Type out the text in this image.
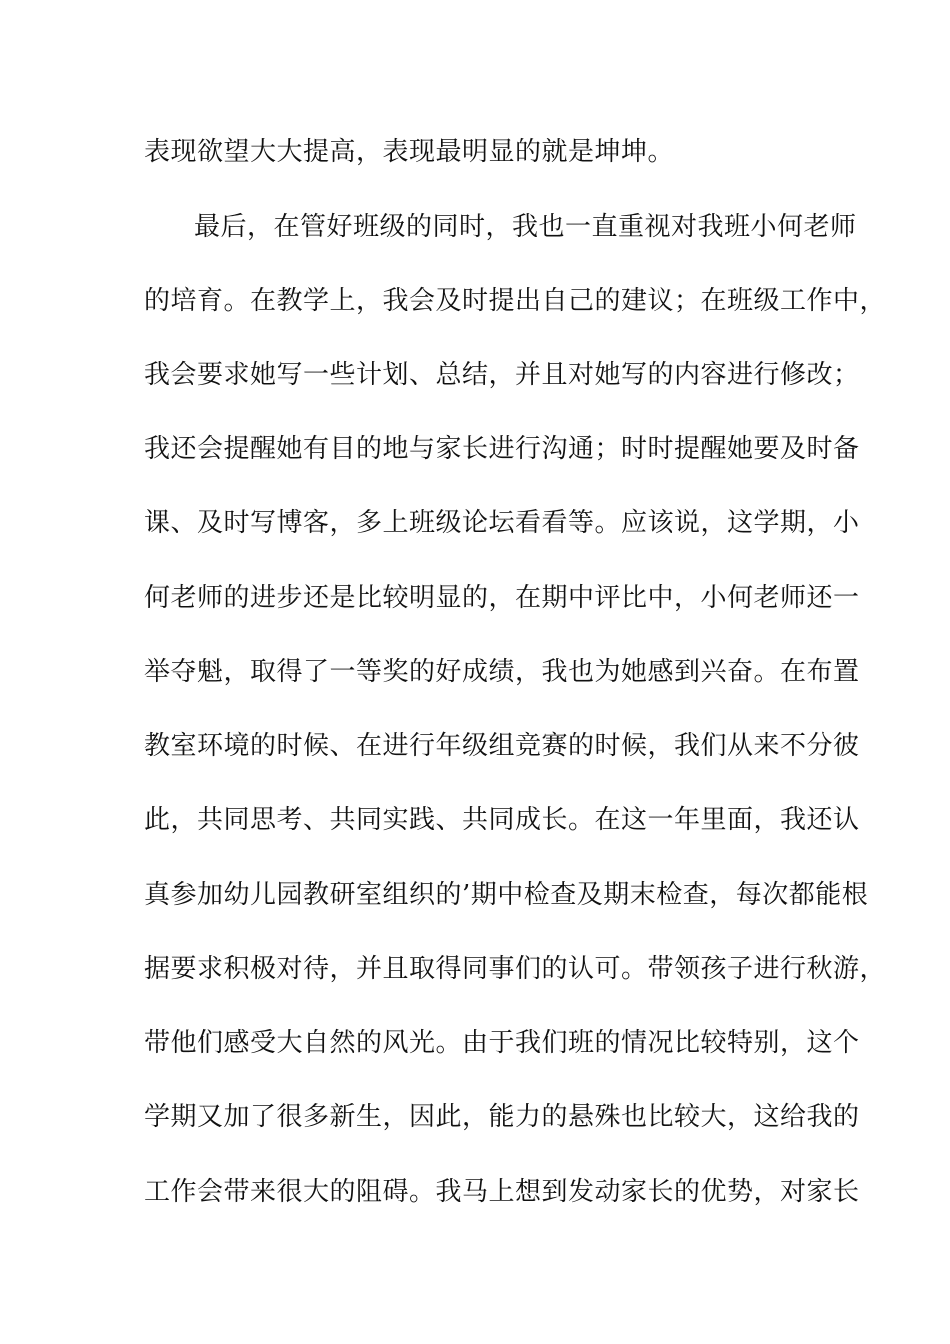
表现欲望大大提高，表现最明显的就是坤坤。
最后，在管好班级的同时，我也一直重视对我班小何老师
的培育。在教学上，我会及时提出自己的建议；在班级工作中，
我会要求她写一些计划、总结，并且对她写的内容进行修改；
我还会提醒她有目的地与家长进行沟通；时时提醒她要及时备
课、及时写博客，多上班级论坛看看等。应该说，这学期，小
何老师的进步还是比较明显的，在期中评比中，小何老师还一
举夺魁，取得了一等奖的好成绩，我也为她感到兴奋。在布置
教室环境的时候、在进行年级组竞赛的时候，我们从来不分彼
此，共同思考、共同实践、共同成长。在这一年里面，我还认
真参加幼儿园教研室组织的’期中检查及期末检查，每次都能根
据要求积极对待，并且取得同事们的认可。带领孩子进行秋游，
带他们感受大自然的风光。由于我们班的情况比较特别，这个
学期又加了很多新生，因此，能力的悬殊也比较大，这给我的
工作会带来很大的阻碍。我马上想到发动家长的优势，对家长
